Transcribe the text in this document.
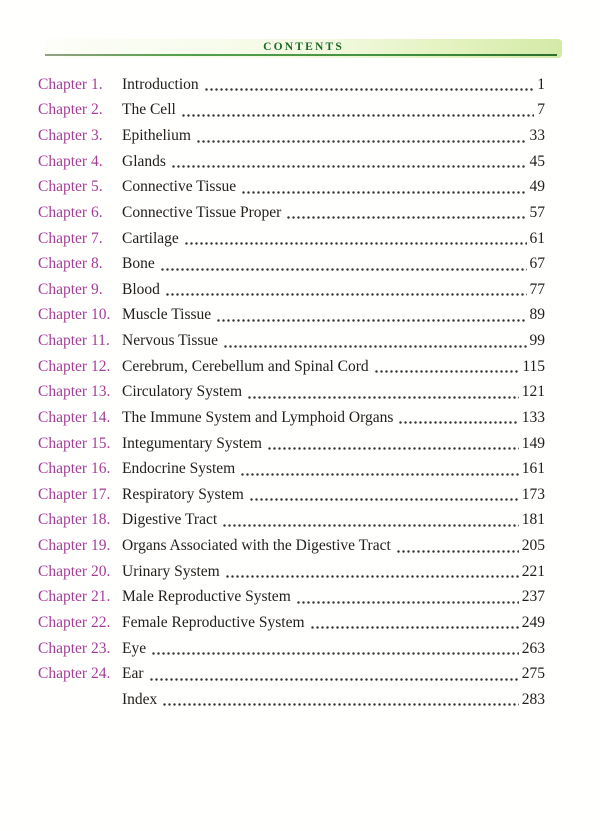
CONTENTS
Chapter 1.	Introduction	1
Chapter 2.	The Cell	7
Chapter 3.	Epithelium	33
Chapter 4.	Glands	45
Chapter 5.	Connective Tissue	49
Chapter 6.	Connective Tissue Proper	57
Chapter 7.	Cartilage	61
Chapter 8.	Bone	67
Chapter 9.	Blood	77
Chapter 10. Muscle Tissue	89
Chapter 11. Nervous Tissue	99
Chapter 12. Cerebrum, Cerebellum and Spinal Cord	115
Chapter 13. Circulatory System	121
Chapter 14. The Immune System and Lymphoid Organs	133
Chapter 15. Integumentary System	149
Chapter 16. Endocrine System	161
Chapter 17. Respiratory System	173
Chapter 18. Digestive Tract	181
Chapter 19. Organs Associated with the Digestive Tract	205
Chapter 20. Urinary System	221
Chapter 21. Male Reproductive System	237
Chapter 22. Female Reproductive System	249
Chapter 23. Eye	263
Chapter 24. Ear	275
Index	283
